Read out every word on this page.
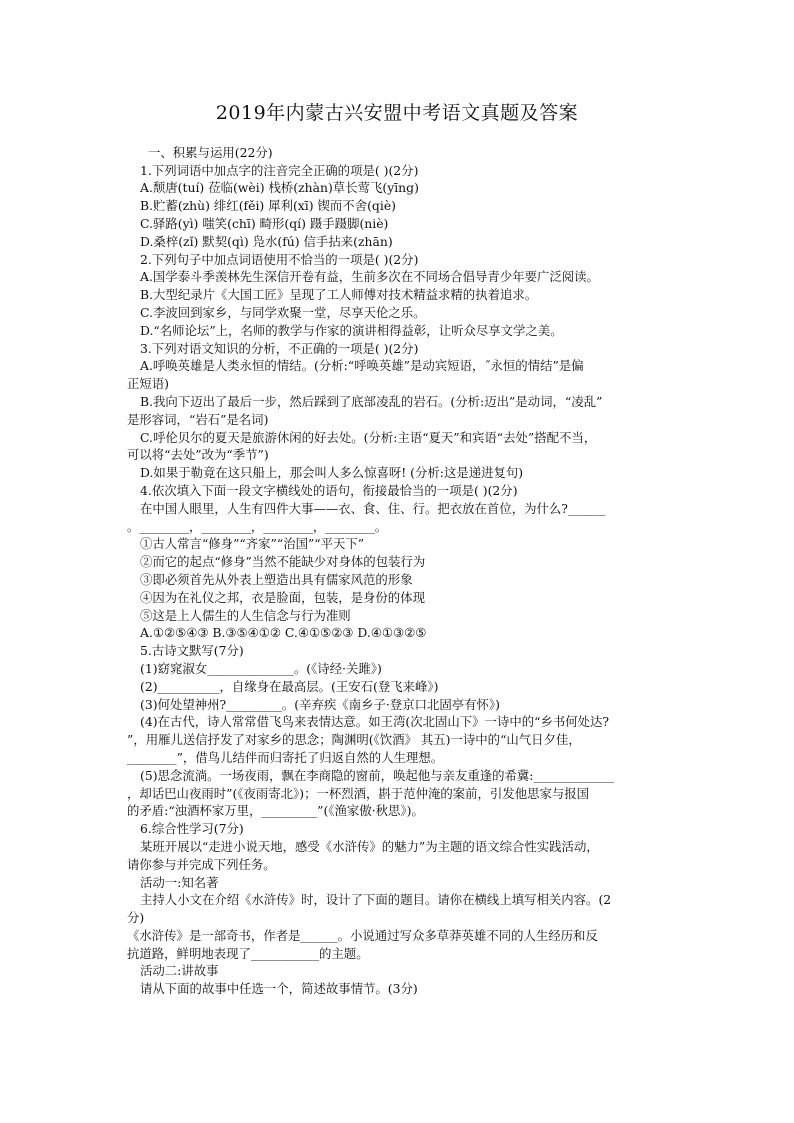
2019年内蒙古兴安盟中考语文真题及答案
一、积累与运用(22分)
1.下列词语中加点字的注音完全正确的项是( )(2分)
A.颓唐(tuí) 莅临(wèi) 栈桥(zhàn)草长莺飞(yīng)
B.贮蓄(zhù) 绯红(fěi) 犀利(xī) 锲而不舍(qiè)
C.驿路(yì) 嗤笑(chī) 畸形(qí) 蹑手蹑脚(niè)
D.桑梓(zǐ) 默契(qì) 凫水(fú) 信手拈来(zhān)
2.下列句子中加点词语使用不恰当的一项是( )(2分)
A.国学泰斗季羡林先生深信开卷有益，生前多次在不同场合倡导青少年要广泛阅读。
B.大型纪录片《大国工匠》呈现了工人师傅对技术精益求精的执着追求。
C.李波回到家乡，与同学欢聚一堂，尽享天伦之乐。
D.“名师论坛”上，名师的教学与作家的演讲相得益彰，让听众尽享文学之美。
3.下列对语文知识的分析，不正确的一项是( )(2分)
A.呼唤英雄是人类永恒的情结。(分析:“呼唤英雄”是动宾短语，˝永恒的情结”是偏
正短语)
B.我向下迈出了最后一步，然后踩到了底部凌乱的岩石。(分析:迈出”是动词，“凌乱”
是形容词，“岩石”是名词)
C.呼伦贝尔的夏天是旅游休闲的好去处。(分析:主语“夏天”和宾语“去处”搭配不当，
可以将“去处”改为“季节”)
D.如果于勒竟在这只船上，那会叫人多么惊喜呀! (分析:这是递进复句)
4.依次填入下面一段文字横线处的语句，衔接最恰当的一项是( )(2分)
在中国人眼里，人生有四件大事——衣、食、住、行。把衣放在首位，为什么?______
。________，________，________，________。
①古人常言“修身”“齐家”“治国”“平天下”
②而它的起点“修身”当然不能缺少对身体的包装行为
③即必须首先从外表上塑造出具有儒家风范的形象
④因为在礼仪之邦，衣是脸面，包装，是身份的体现
⑤这是上人儒生的人生信念与行为准则
A.①②⑤④③ B.③⑤④①② C.④①⑤②③ D.④①③②⑤
5.古诗文默写(7分)
(1)窈窕淑女______________。(《诗经·关雎》)
(2)__________，自缘身在最高层。(王安石(登飞来峰》)
(3)何处望神州?_________。(辛弃疾《南乡子·登京口北固亭有怀》)
(4)在古代，诗人常常借飞鸟来表情达意。如王湾(次北固山下》一诗中的“乡书何处达?
”，用雁儿送信抒发了对家乡的思念；陶渊明(《饮酒》 其五)一诗中的“山气日夕佳，
________”，借鸟儿结伴而归寄托了归返自然的人生理想。
(5)思念流淌。一场夜雨，飘在李商隐的窗前，唤起他与亲友重逢的希冀:_____________
，却话巴山夜雨时”(《夜雨寄北》)；一杯烈酒，斟于范仲淹的案前，引发他思家与报国
的矛盾:“浊酒杯家万里，_________”(《渔家傲·秋思》)。
6.综合性学习(7分)
某班开展以“走进小说天地，感受《水浒传》的魅力”为主题的语文综合性实践活动，
请你参与并完成下列任务。
活动一:知名著
主持人小文在介绍《水浒传》时，设计了下面的题目。请你在横线上填写相关内容。(2
分)
《水浒传》是一部奇书，作者是______。小说通过写众多草莽英雄不同的人生经历和反
抗道路，鲜明地表现了___________的主题。
活动二:讲故事
请从下面的故事中任选一个，简述故事情节。(3分)
